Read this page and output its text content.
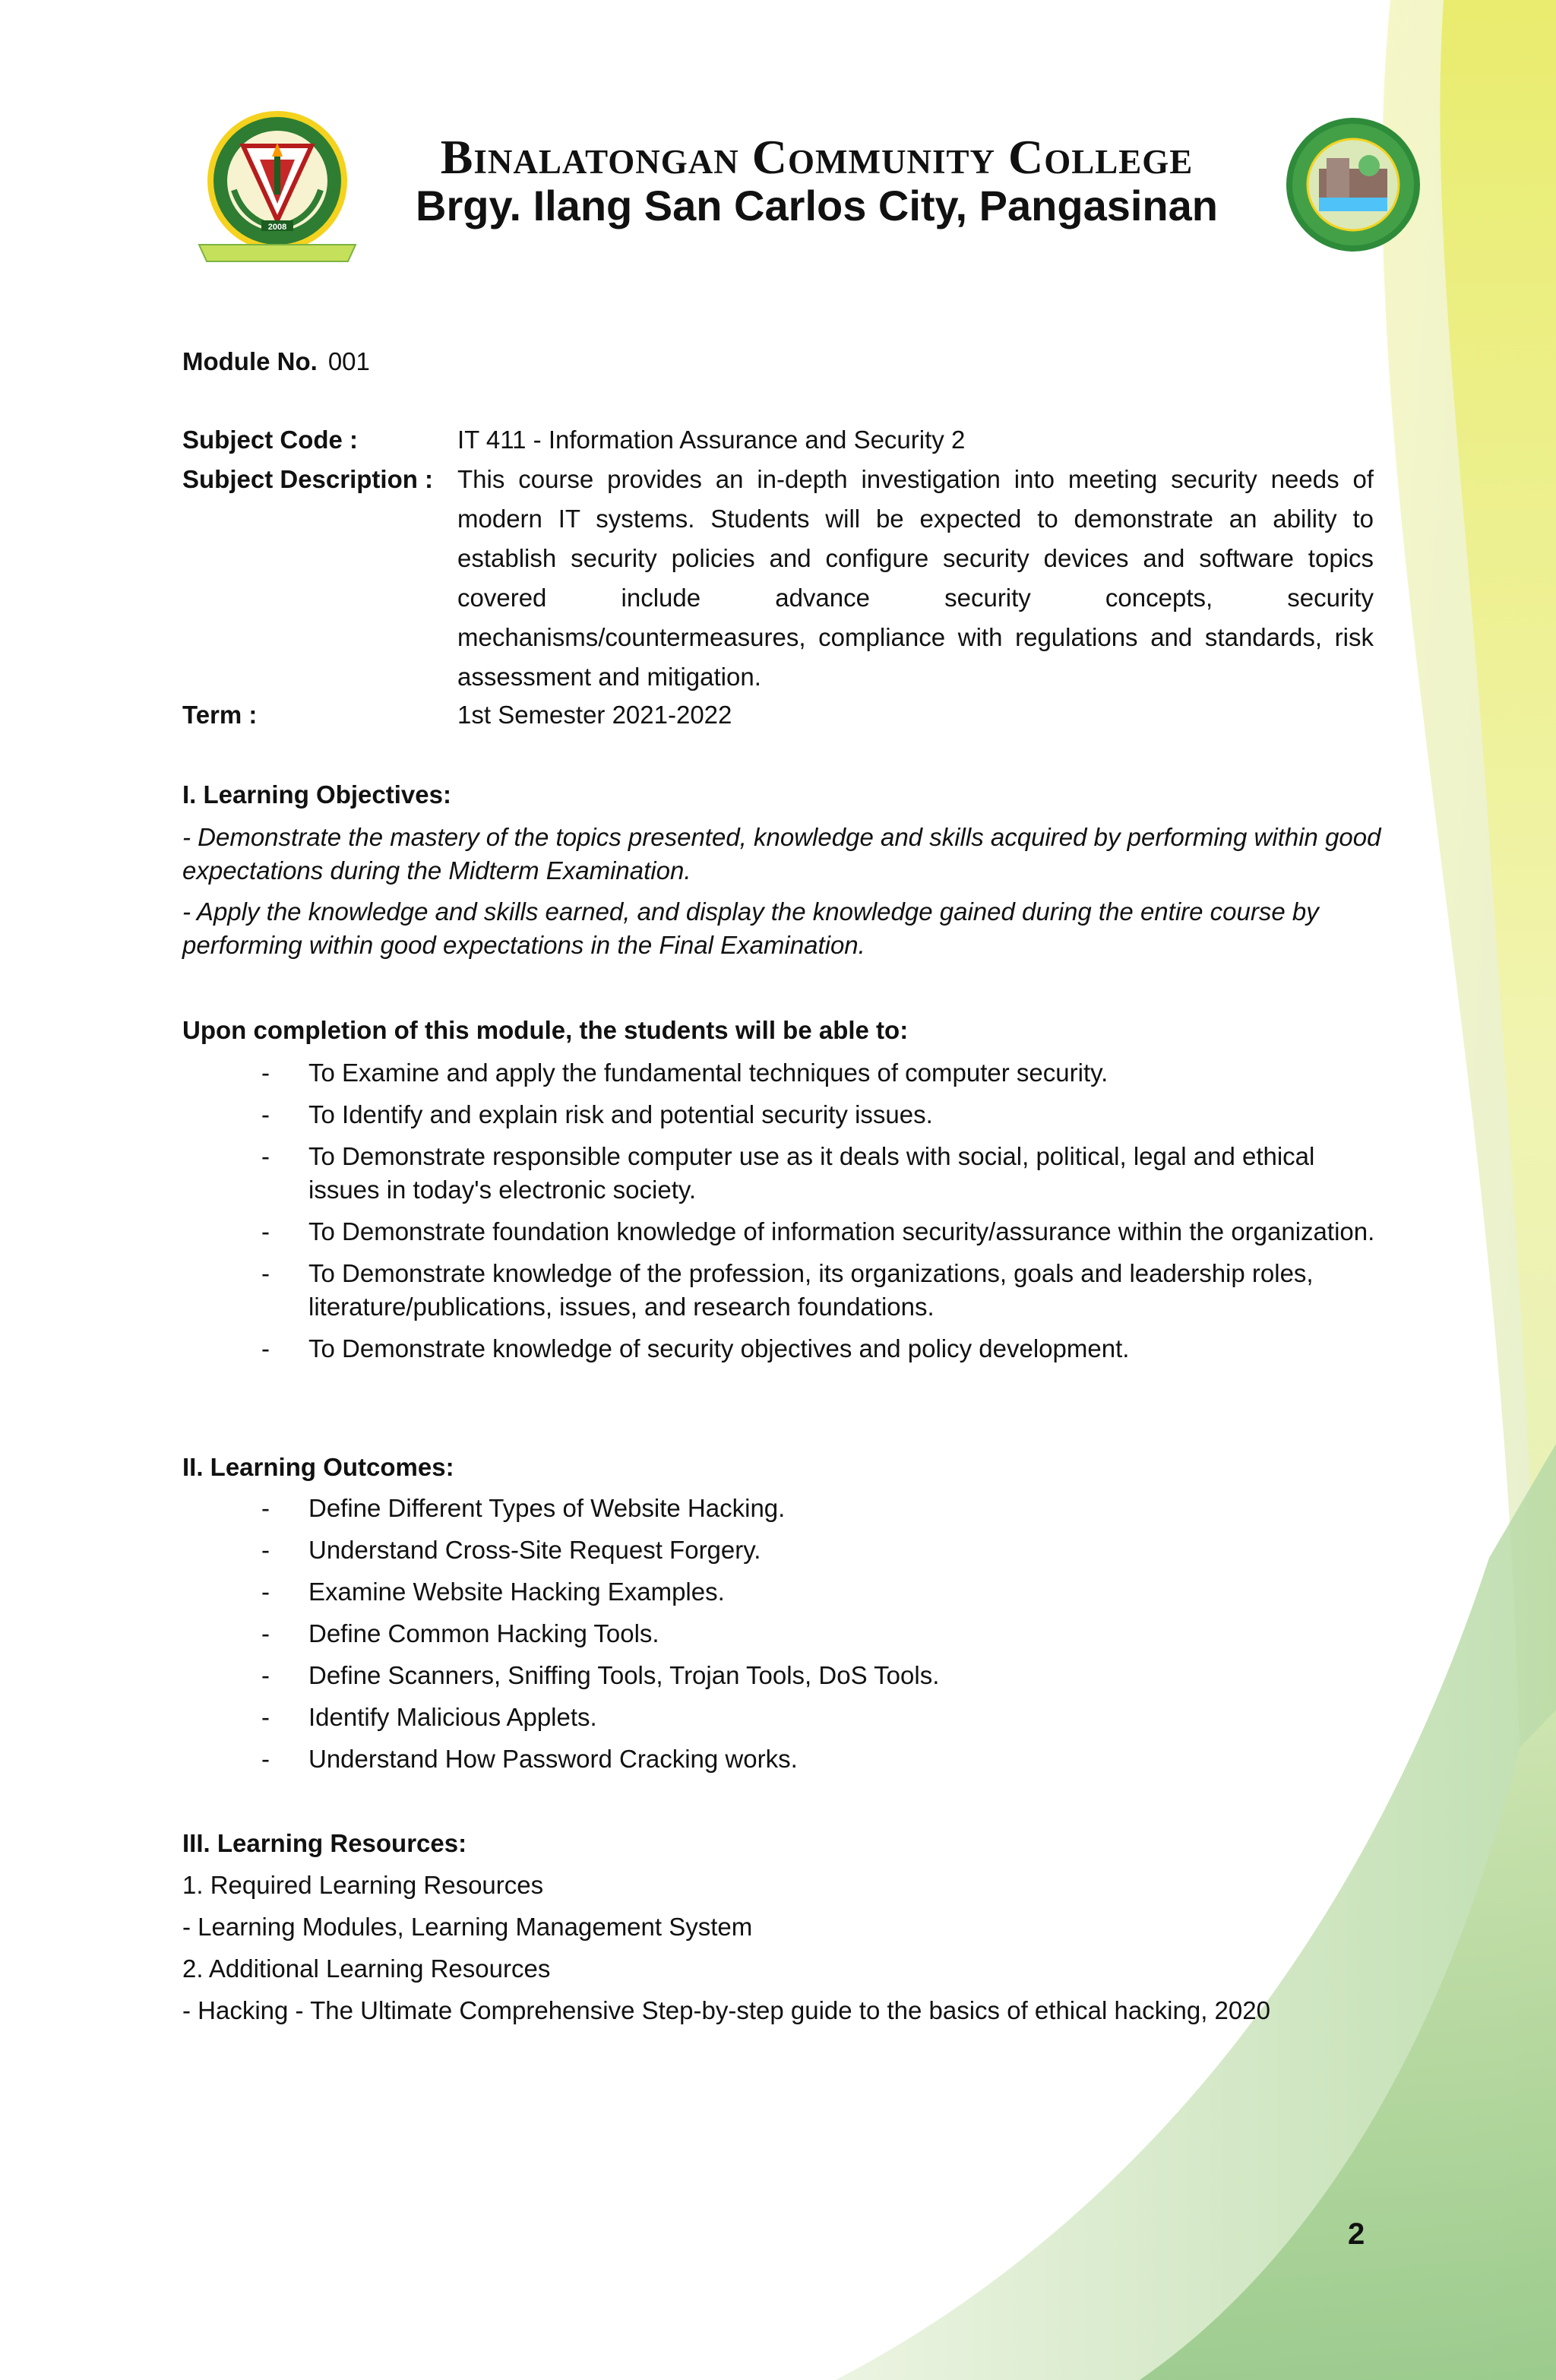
2008
Binalatongan Community College
Brgy. Ilang San Carlos City, Pangasinan
Module No. 001
Subject Code :	IT 411 - Information Assurance and Security 2
Subject Description : This course provides an in-depth investigation into meeting security needs of modern IT systems. Students will be expected to demonstrate an ability to establish security policies and configure security devices and software topics covered include advance security concepts, security mechanisms/countermeasures, compliance with regulations and standards, risk assessment and mitigation.
Term :	1st Semester 2021-2022
I. Learning Objectives:
- Demonstrate the mastery of the topics presented, knowledge and skills acquired by performing within good expectations during the Midterm Examination.
- Apply the knowledge and skills earned, and display the knowledge gained during the entire course by performing within good expectations in the Final Examination.
Upon completion of this module, the students will be able to:
- To Examine and apply the fundamental techniques of computer security.
- To Identify and explain risk and potential security issues.
- To Demonstrate responsible computer use as it deals with social, political, legal and ethical issues in today's electronic society.
- To Demonstrate foundation knowledge of information security/assurance within the organization.
- To Demonstrate knowledge of the profession, its organizations, goals and leadership roles, literature/publications, issues, and research foundations.
- To Demonstrate knowledge of security objectives and policy development.
II. Learning Outcomes:
- Define Different Types of Website Hacking.
- Understand Cross-Site Request Forgery.
- Examine Website Hacking Examples.
- Define Common Hacking Tools.
- Define Scanners, Sniffing Tools, Trojan Tools, DoS Tools.
- Identify Malicious Applets.
- Understand How Password Cracking works.
III. Learning Resources:
1. Required Learning Resources
- Learning Modules, Learning Management System
2. Additional Learning Resources
- Hacking - The Ultimate Comprehensive Step-by-step guide to the basics of ethical hacking, 2020
2
